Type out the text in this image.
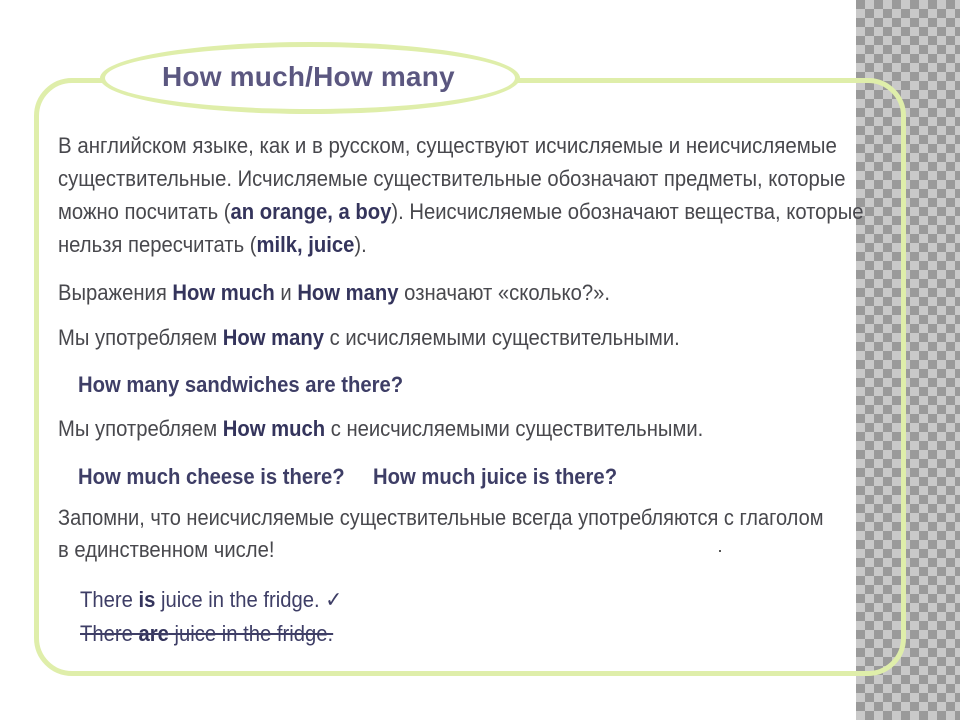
How much/How many
В английском языке, как и в русском, существуют исчисляемые и неисчисляемые
существительные. Исчисляемые существительные обозначают предметы, которые
можно посчитать (an orange, a boy). Неисчисляемые обозначают вещества, которые
нельзя пересчитать (milk, juice).
Выражения How much и How many означают «сколько?».
Мы употребляем How many с исчисляемыми существительными.
How many sandwiches are there?
Мы употребляем How much с неисчисляемыми существительными.
How much cheese is there? How much juice is there?
Запомни, что неисчисляемые существительные всегда употребляются с глаголом
в единственном числе!
There is juice in the fridge. ✓
There are juice in the fridge.
